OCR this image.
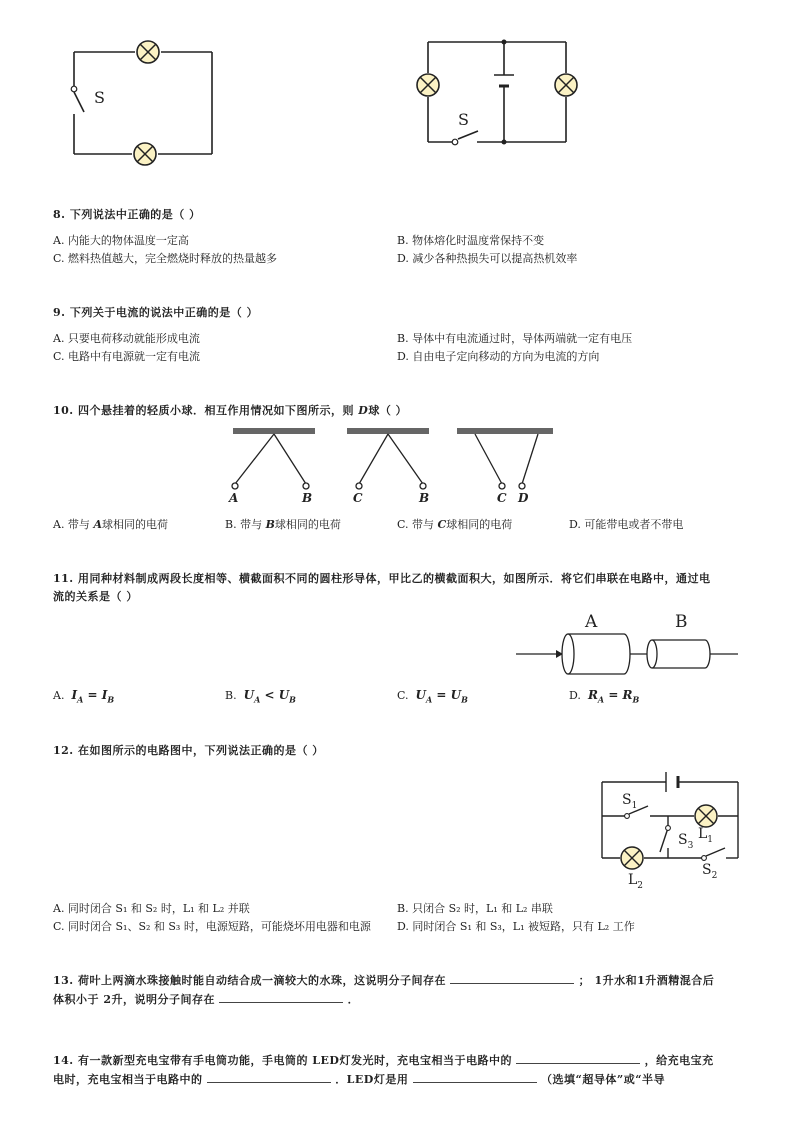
S
S
8. 下列说法中正确的是（ ）
A. 内能大的物体温度一定高	B. 物体熔化时温度常保持不变
C. 燃料热值越大，完全燃烧时释放的热量越多	D. 减少各种热损失可以提高热机效率
9. 下列关于电流的说法中正确的是（ ）
A. 只要电荷移动就能形成电流	B. 导体中有电流通过时，导体两端就一定有电压
C. 电路中有电源就一定有电流	D. 自由电子定向移动的方向为电流的方向
10. 四个悬挂着的轻质小球．相互作用情况如下图所示，则 D球（ ）
A	B	C	B	C D
A. 带与 A球相同的电荷	B. 带与 B球相同的电荷	C. 带与 C球相同的电荷	D. 可能带电或者不带电
11. 用同种材料制成两段长度相等、横截面积不同的圆柱形导体，甲比乙的横截面积大，如图所示．将它们串联在电路中，通过电
流的关系是（ ）
A	B
A. $I_A = I_B$	B. $U_A < U_B$	C. $U_A = U_B$	D. $R_A = R_B$
12. 在如图所示的电路图中，下列说法正确的是（ ）
$S_1$
$S_3$
$L_1$
$L_2$
$S_2$
A. 同时闭合 S₁ 和 S₂ 时，L₁ 和 L₂ 并联	B. 只闭合 S₂ 时，L₁ 和 L₂ 串联
C. 同时闭合 S₁、S₂ 和 S₃ 时，电源短路，可能烧坏用电器和电源	D. 同时闭合 S₁ 和 S₃，L₁ 被短路，只有 L₂ 工作
13. 荷叶上两滴水珠接触时能自动结合成一滴较大的水珠，这说明分子间存在	； 1升水和1升酒精混合后
体积小于 2升，说明分子间存在	．
14. 有一款新型充电宝带有手电筒功能，手电筒的 LED灯发光时，充电宝相当于电路中的	，给充电宝充
电时，充电宝相当于电路中的	．LED灯是用	（选填“超导体”或“半导
